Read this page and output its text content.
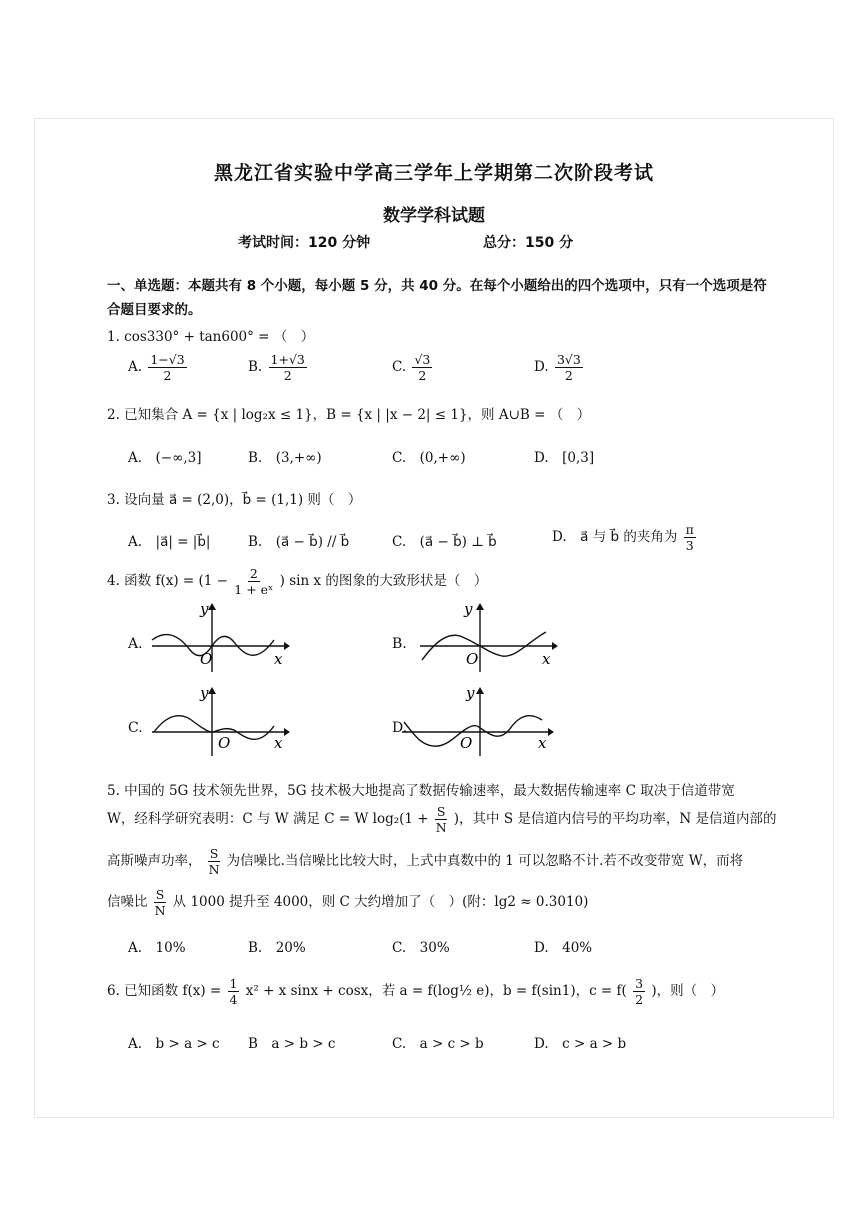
黑龙江省实验中学高三学年上学期第二次阶段考试
数学学科试题
考试时间：120 分钟	总分：150 分
一、单选题：本题共有 8 个小题，每小题 5 分，共 40 分。在每个小题给出的四个选项中，只有一个选项是符合题目要求的。
1. cos330° + tan600° = （　）
A. $\frac{1-√3}{2}$	B. $\frac{1+√3}{2}$	C. $\frac{√3}{2}$	D. $\frac{3√3}{2}$
2. 已知集合 A = {x | log₂x ≤ 1}，B = {x | |x − 2| ≤ 1}，则 A∪B = （　）
A.　(−∞,3]	B.　(3,+∞)	C.　(0,+∞)	D.　[0,3]
3. 设向量 a⃗ = (2,0)，b⃗ = (1,1) 则（　）
A.　|a⃗| = |b⃗|	B.　(a⃗ − b⃗) // b⃗	C.　(a⃗ − b⃗) ⊥ b⃗	D.　a⃗ 与 b⃗ 的夹角为 $\frac{\pi}{3}$
4. 函数 $f(x) = (1 - \frac{2}{\text{1 + eˣ}}$ ) sin x 的图象的大致形状是（　）
A.	B.
C.	D.
O	x
y
O	x
y
O	x
y
O	x
y
5. 中国的 5G 技术领先世界，5G 技术极大地提高了数据传输速率，最大数据传输速率 C 取决于信道带宽
W，经科学研究表明：C 与 W 满足 C = W $\log_2(1 + \frac{S}{N}$ )，其中 S 是信道内信号的平均功率，N 是信道内部的
高斯噪声功率， $\frac{S}{N}$ 为信噪比.当信噪比比较大时，上式中真数中的 1 可以忽略不计.若不改变带宽 W，而将
信噪比 $\frac{S}{N}$ 从 1000 提升至 4000，则 C 大约增加了（　）(附：lg2 ≈ 0.3010)
A.　10%	B.　20%	C.　30%	D.　40%
6. 已知函数 $f(x) = \frac{1}{4} x^2 + x$ sinx + cosx，若 a = f(log½ e)，b = f(sin1)，$c = f( \frac{3}{2}$ )，则（　）
A.　b > a > c B　a > b > c	C.　a > c > b	D.　c > a > b
